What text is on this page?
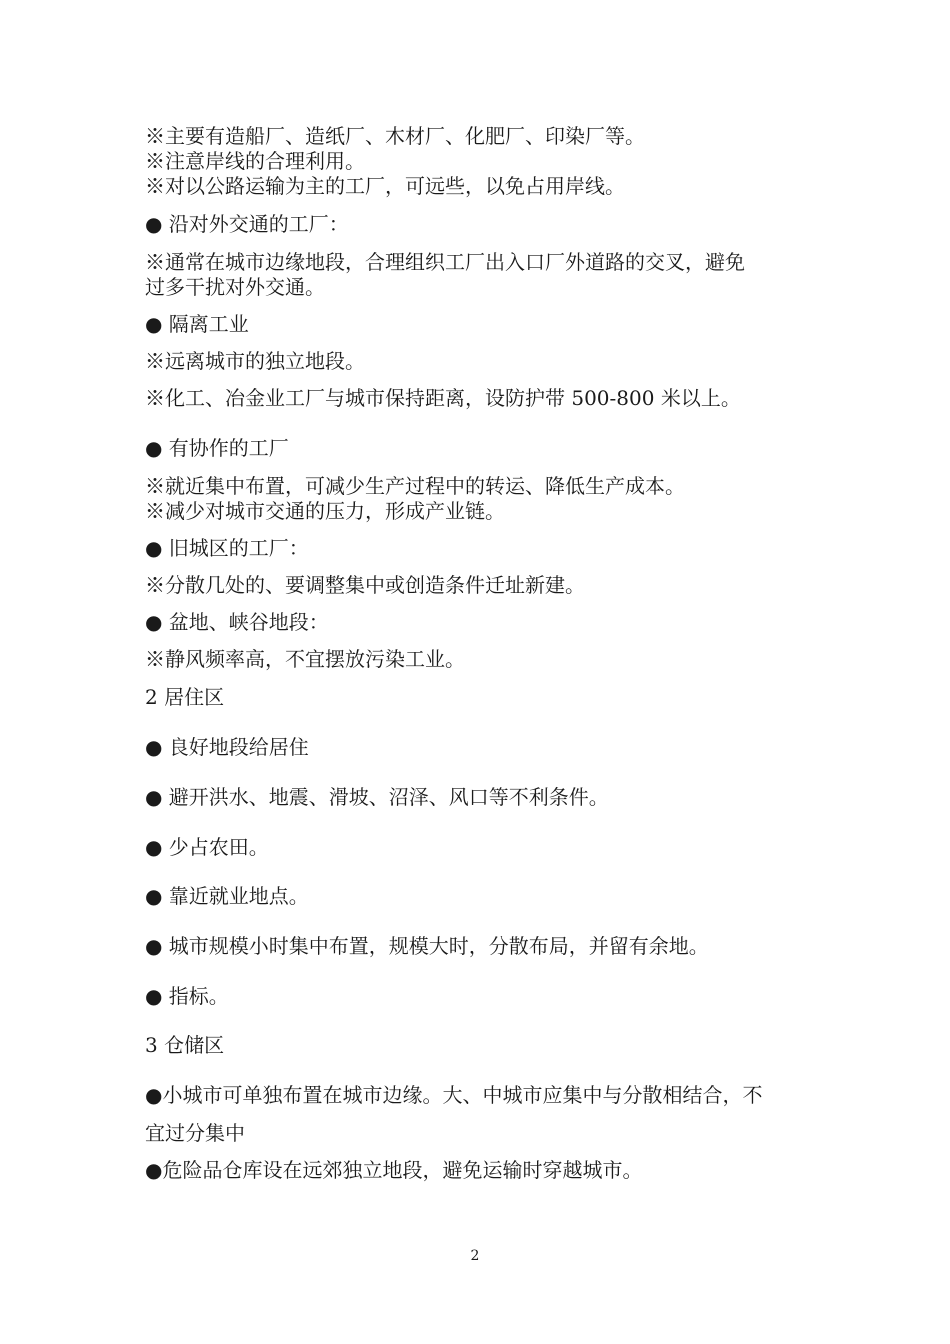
※主要有造船厂、造纸厂、木材厂、化肥厂、印染厂等。
※注意岸线的合理利用。
※对以公路运输为主的工厂，可远些，以免占用岸线。
● 沿对外交通的工厂：
※通常在城市边缘地段，合理组织工厂出入口厂外道路的交叉，避免
过多干扰对外交通。
● 隔离工业
※远离城市的独立地段。
※化工、冶金业工厂与城市保持距离，设防护带 500-800 米以上。
● 有协作的工厂
※就近集中布置，可减少生产过程中的转运、降低生产成本。
※减少对城市交通的压力，形成产业链。
● 旧城区的工厂：
※分散几处的、要调整集中或创造条件迁址新建。
● 盆地、峡谷地段：
※静风频率高，不宜摆放污染工业。
2 居住区
● 良好地段给居住
● 避开洪水、地震、滑坡、沼泽、风口等不利条件。
● 少占农田。
● 靠近就业地点。
● 城市规模小时集中布置，规模大时，分散布局，并留有余地。
● 指标。
3 仓储区
●小城市可单独布置在城市边缘。大、中城市应集中与分散相结合，不
宜过分集中
●危险品仓库设在远郊独立地段，避免运输时穿越城市。
2
